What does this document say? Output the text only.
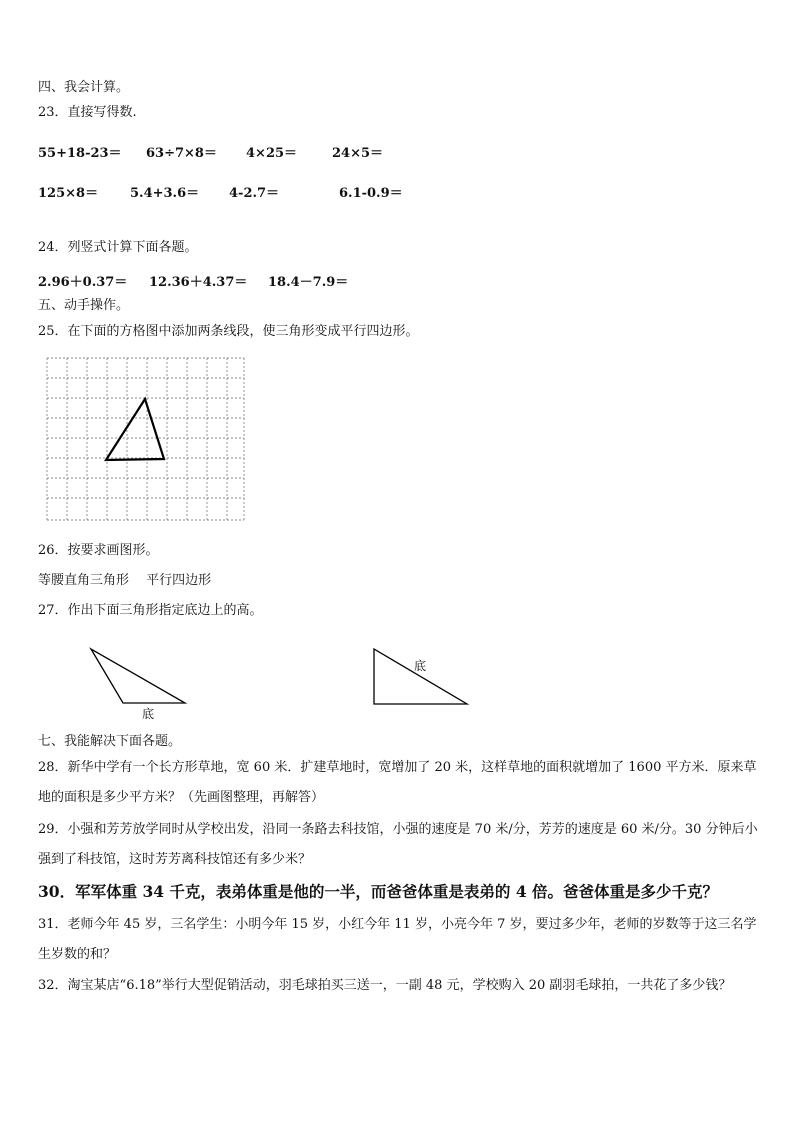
四、我会计算。
23．直接写得数.
55+18-23＝ 63÷7×8＝ 4×25＝	24×5＝
125×8＝ 5.4+3.6＝ 4-2.7＝	6.1-0.9＝
24．列竖式计算下面各题。
2.96＋0.37＝ 12.36＋4.37＝ 18.4－7.9＝
五、动手操作。
25．在下面的方格图中添加两条线段，使三角形变成平行四边形。
26．按要求画图形。
等腰直角三角形　 平行四边形
27．作出下面三角形指定底边上的高。
底
底
七、我能解决下面各题。
28．新华中学有一个长方形草地，宽 60 米．扩建草地时，宽增加了 20 米，这样草地的面积就增加了 1600 平方米．原来草地的面积是多少平方米？（先画图整理，再解答）
29．小强和芳芳放学同时从学校出发，沿同一条路去科技馆，小强的速度是 70 米/分，芳芳的速度是 60 米/分。30 分钟后小强到了科技馆，这时芳芳离科技馆还有多少米？
30．军军体重 34 千克，表弟体重是他的一半，而爸爸体重是表弟的 4 倍。爸爸体重是多少千克？
31．老师今年 45 岁，三名学生：小明今年 15 岁，小红今年 11 岁，小亮今年 7 岁，要过多少年，老师的岁数等于这三名学生岁数的和？
32．淘宝某店“6.18”举行大型促销活动，羽毛球拍买三送一，一副 48 元，学校购入 20 副羽毛球拍，一共花了多少钱？
